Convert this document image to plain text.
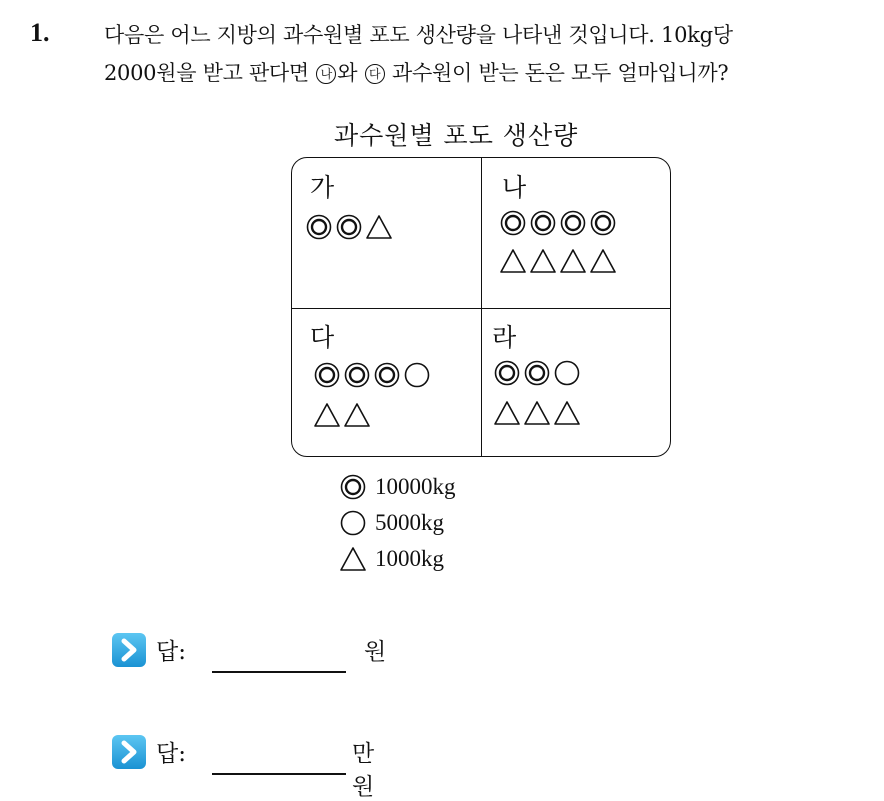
1.	다음은 어느 지방의 과수원별 포도 생산량을 나타낸 것입니다. 10kg당
2000원을 받고 판다면 나 와 다 과수원이 받는 돈은 모두 얼마입니까?
과수원별 포도 생산량
가	나
다	라
10000kg
5000kg
1000kg
답:	원
답:	만원
